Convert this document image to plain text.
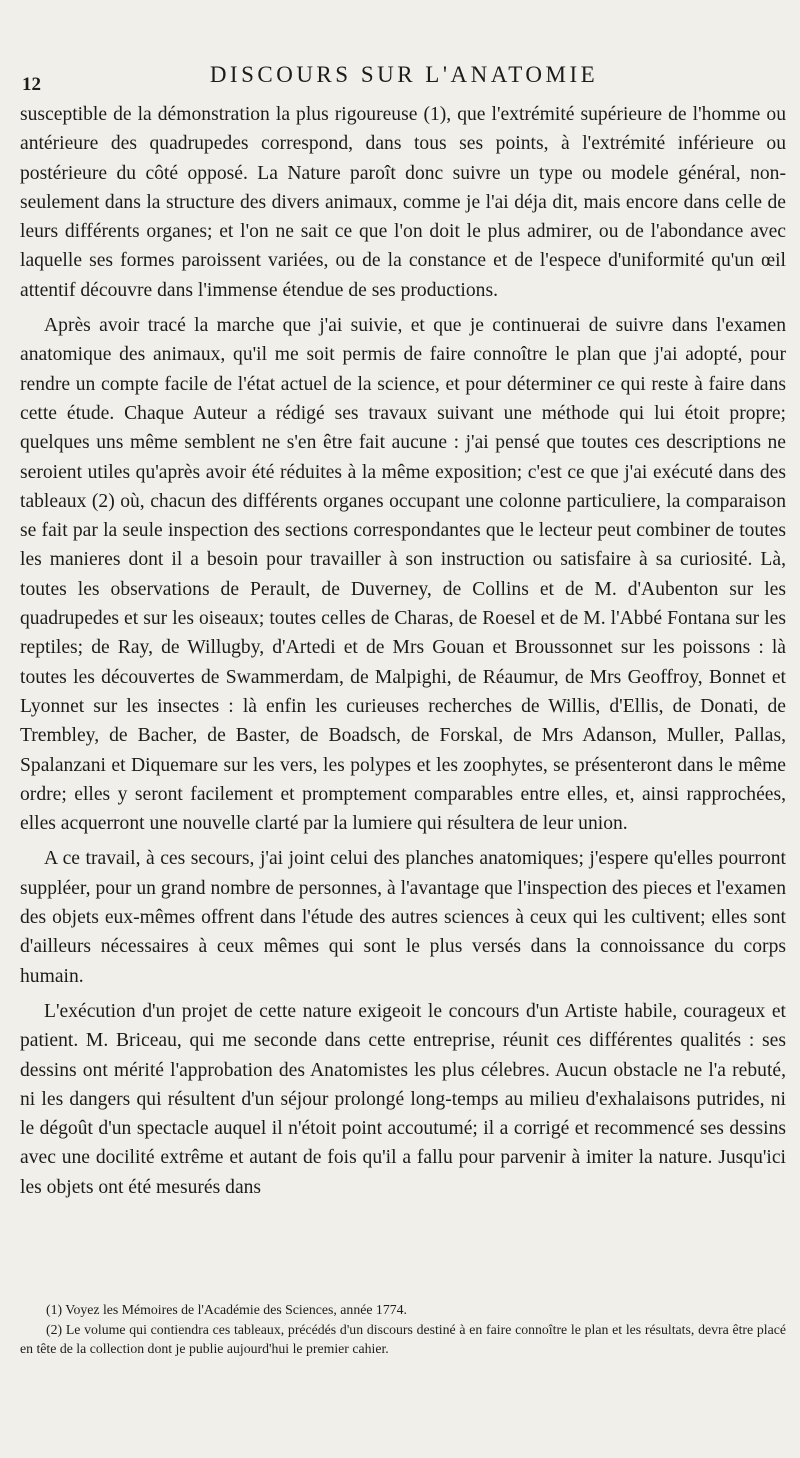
12	DISCOURS SUR L'ANATOMIE

susceptible de la démonstration la plus rigoureuse (1), que l'extrémité supérieure de l'homme ou antérieure des quadrupedes correspond, dans tous ses points, à l'extrémité inférieure ou postérieure du côté opposé. La Nature paroît donc suivre un type ou modele général, non-seulement dans la structure des divers animaux, comme je l'ai déja dit, mais encore dans celle de leurs différents organes; et l'on ne sait ce que l'on doit le plus admirer, ou de l'abondance avec laquelle ses formes paroissent variées, ou de la constance et de l'espece d'uniformité qu'un œil attentif découvre dans l'immense étendue de ses productions.

Après avoir tracé la marche que j'ai suivie, et que je continuerai de suivre dans l'examen anatomique des animaux, qu'il me soit permis de faire connoître le plan que j'ai adopté, pour rendre un compte facile de l'état actuel de la science, et pour déterminer ce qui reste à faire dans cette étude. Chaque Auteur a rédigé ses travaux suivant une méthode qui lui étoit propre; quelques uns même semblent ne s'en être fait aucune : j'ai pensé que toutes ces descriptions ne seroient utiles qu'après avoir été réduites à la même exposition; c'est ce que j'ai exécuté dans des tableaux (2) où, chacun des différents organes occupant une colonne particuliere, la comparaison se fait par la seule inspection des sections correspondantes que le lecteur peut combiner de toutes les manieres dont il a besoin pour travailler à son instruction ou satisfaire à sa curiosité. Là, toutes les observations de Perault, de Duverney, de Collins et de M. d'Aubenton sur les quadrupedes et sur les oiseaux; toutes celles de Charas, de Roesel et de M. l'Abbé Fontana sur les reptiles; de Ray, de Willugby, d'Artedi et de Mrs Gouan et Broussonnet sur les poissons : là toutes les découvertes de Swammerdam, de Malpighi, de Réaumur, de Mrs Geoffroy, Bonnet et Lyonnet sur les insectes : là enfin les curieuses recherches de Willis, d'Ellis, de Donati, de Trembley, de Bacher, de Baster, de Boadsch, de Forskal, de Mrs Adanson, Muller, Pallas, Spalanzani et Diquemare sur les vers, les polypes et les zoophytes, se présenteront dans le même ordre; elles y seront facilement et promptement comparables entre elles, et, ainsi rapprochées, elles acquerront une nouvelle clarté par la lumiere qui résultera de leur union.

A ce travail, à ces secours, j'ai joint celui des planches anatomiques; j'espere qu'elles pourront suppléer, pour un grand nombre de personnes, à l'avantage que l'inspection des pieces et l'examen des objets eux-mêmes offrent dans l'étude des autres sciences à ceux qui les cultivent; elles sont d'ailleurs nécessaires à ceux mêmes qui sont le plus versés dans la connoissance du corps humain.

L'exécution d'un projet de cette nature exigeoit le concours d'un Artiste habile, courageux et patient. M. Briceau, qui me seconde dans cette entreprise, réunit ces différentes qualités : ses dessins ont mérité l'approbation des Anatomistes les plus célebres. Aucun obstacle ne l'a rebuté, ni les dangers qui résultent d'un séjour prolongé long-temps au milieu d'exhalaisons putrides, ni le dégoût d'un spectacle auquel il n'étoit point accoutumé; il a corrigé et recommencé ses dessins avec une docilité extrême et autant de fois qu'il a fallu pour parvenir à imiter la nature. Jusqu'ici les objets ont été mesurés dans

(1) Voyez les Mémoires de l'Académie des Sciences, année 1774.

(2) Le volume qui contiendra ces tableaux, précédés d'un discours destiné à en faire connoître le plan et les résultats, devra être placé en tête de la collection dont je publie aujourd'hui le premier cahier.
